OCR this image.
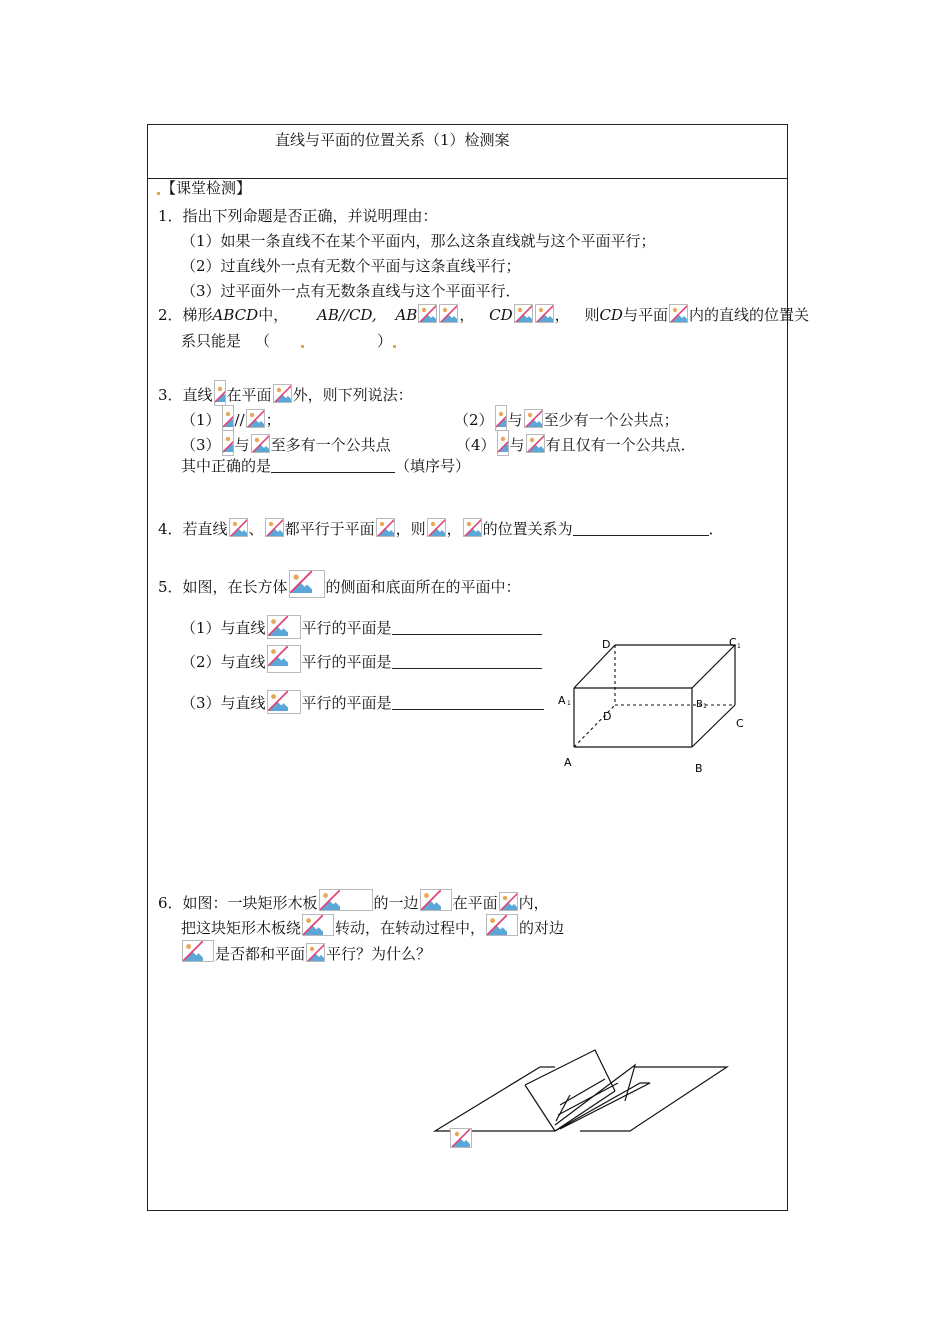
直线与平面的位置关系（1）检测案
【课堂检测】
1．指出下列命题是否正确，并说明理由：
（1）如果一条直线不在某个平面内，那么这条直线就与这个平面平行；
（2）过直线外一点有无数个平面与这条直线平行；
（3）过平面外一点有无数条直线与这个平面平行．
2．梯形ABCD中， AB//CD, AB	， CD	， 则CD与平面 内的直线的位置关
系只能是 （	）
3．直线 在平面 外，则下列说法：
（1） // ；	（2） 与 至少有一个公共点；
（3） 与 至多有一个公共点	（4） 与 有且仅有一个公共点．
其中正确的是	（填序号）
4．若直线 、 都平行于平面 ，则 ， 的位置关系为	．
5．如图，在长方体	的侧面和底面所在的平面中：
（1）与直线 平行的平面是
（2）与直线 平行的平面是
（3）与直线 平行的平面是
D	C 1
A 1	B 1
D
C
A	B
6．如图：一块矩形木板	的一边 在平面 内，
把这块矩形木板绕 转动，在转动过程中， 的对边
是否都和平面 平行？为什么？
